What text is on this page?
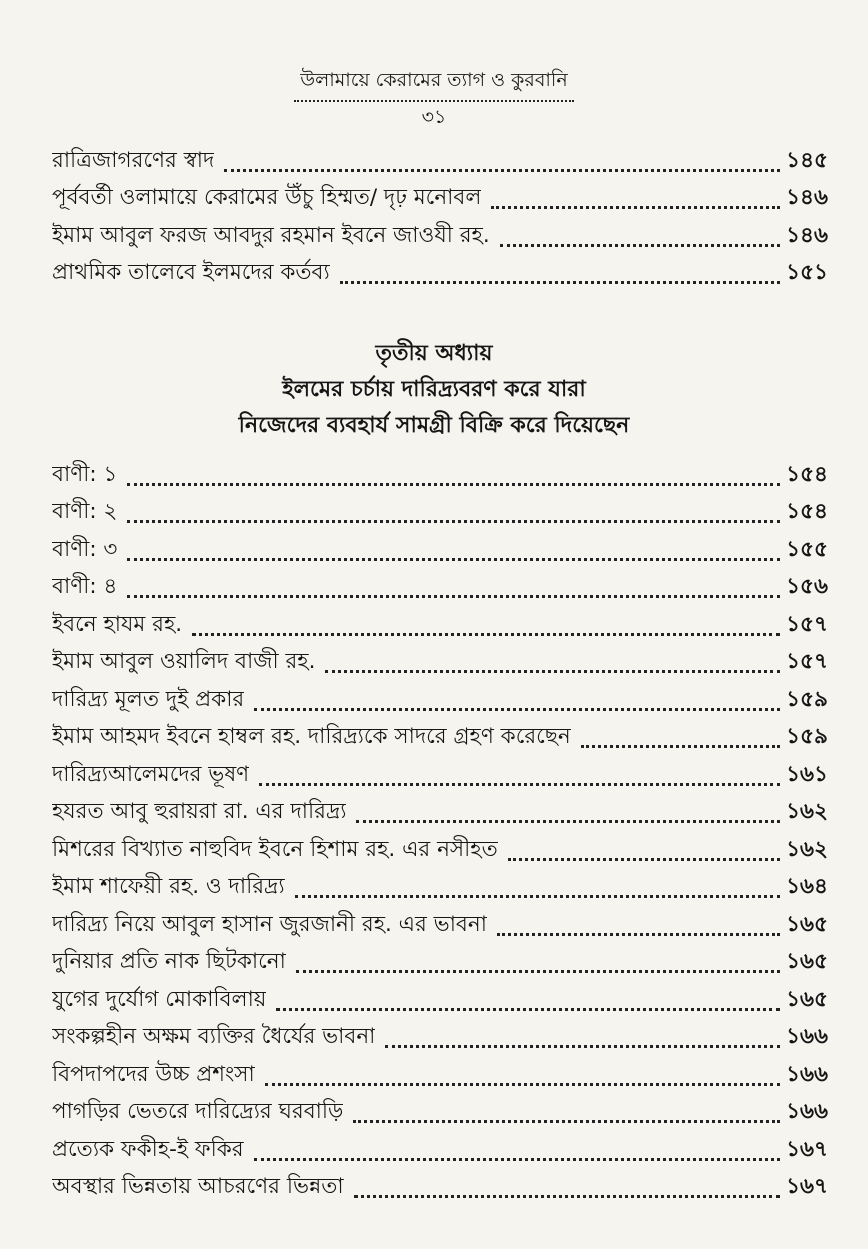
উলামায়ে কেরামের ত্যাগ ও কুরবানি
৩১
রাত্রিজাগরণের স্বাদ	১৪৫
পূর্ববর্তী ওলামায়ে কেরামের উঁচু হিম্মত/ দৃঢ় মনোবল	১৪৬
ইমাম আবুল ফরজ আবদুর রহমান ইবনে জাওযী রহ.	১৪৬
প্রাথমিক তালেবে ইলমদের কর্তব্য	১৫১
তৃতীয় অধ্যায়
ইলমের চর্চায় দারিদ্র্যবরণ করে যারা
নিজেদের ব্যবহার্য সামগ্রী বিক্রি করে দিয়েছেন
বাণী: ১	১৫৪
বাণী: ২	১৫৪
বাণী: ৩	১৫৫
বাণী: ৪	১৫৬
ইবনে হাযম রহ.	১৫৭
ইমাম আবুল ওয়ালিদ বাজী রহ.	১৫৭
দারিদ্র্য মূলত দুই প্রকার	১৫৯
ইমাম আহমদ ইবনে হাম্বল রহ. দারিদ্র্যকে সাদরে গ্রহণ করেছেন	১৫৯
দারিদ্র্যআলেমদের ভূষণ	১৬১
হযরত আবু হুরায়রা রা. এর দারিদ্র্য	১৬২
মিশরের বিখ্যাত নাহুবিদ ইবনে হিশাম রহ. এর নসীহত	১৬২
ইমাম শাফেয়ী রহ. ও দারিদ্র্য	১৬৪
দারিদ্র্য নিয়ে আবুল হাসান জুরজানী রহ. এর ভাবনা	১৬৫
দুনিয়ার প্রতি নাক ছিটকানো	১৬৫
যুগের দুর্যোগ মোকাবিলায়	১৬৫
সংকল্পহীন অক্ষম ব্যক্তির ধৈর্যের ভাবনা	১৬৬
বিপদাপদের উচ্চ প্রশংসা	১৬৬
পাগড়ির ভেতরে দারিদ্র্যের ঘরবাড়ি	১৬৬
প্রত্যেক ফকীহ-ই ফকির	১৬৭
অবস্থার ভিন্নতায় আচরণের ভিন্নতা	১৬৭
